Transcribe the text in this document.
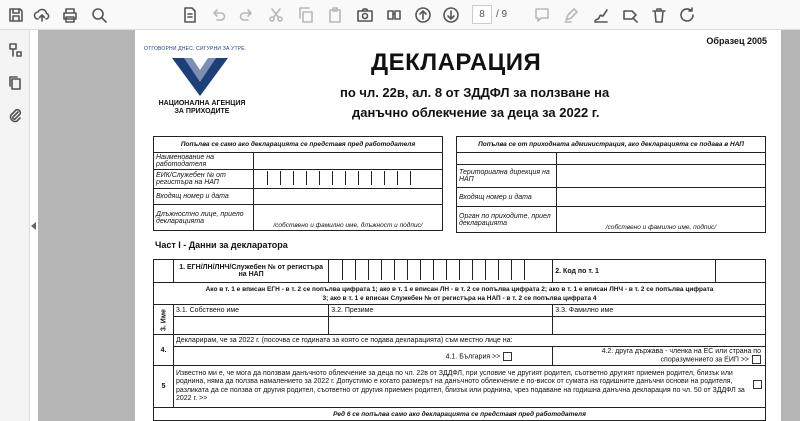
8	/ 9
Образец 2005
ОТГОВОРНИ ДНЕС. СИГУРНИ ЗА УТРЕ.
НАЦИОНАЛНА АГЕНЦИЯ
ЗА ПРИХОДИТЕ
ДЕКЛАРАЦИЯ
по чл. 22в, ал. 8 от ЗДДФЛ за ползване на
данъчно облекчение за деца за 2022 г.
Попълва се само ако декларацията се представя пред работодателя	
Наименование на работодателя	
ЕИК/Служебен № от регистъра на НАП	
Входящ номер и дата	
Длъжностно лице, приело декларацията	/собствено и фамилно име, длъжност и подпис/
Попълва се от приходната администрация, ако декларацията се подава в НАП	

Териториална дирекция на НАП	
Входящ номер и дата	
Орган по приходите, приел декларацията	/собствено и фамилно име, подпис/
Част I - Данни за декларатора
	1. ЕГН/ЛН/ЛНЧ/Служебен № от регистъра на НАП		2. Код по т. 1	

Ако в т. 1 е вписан ЕГН - в т. 2 се попълва цифрата 1; ако в т. 1 е вписан ЛН - в т. 2 се попълва цифрата 2; ако в т. 1 е вписан ЛНЧ - в т. 2 се попълва цифрата
3; ако в т. 1 е вписан Служебен № от регистъра на НАП - в т. 2 се попълва цифрата 4				

3. Име	3.1. Собствено име	3.2. Презиме	3.3. Фамилно име	

4.	Декларирам, че за 2022 г. (посочва се годината за която се подава декларацията) съм местно лице на:			
	4.1. България >>		4.2. друга държава - членка на ЕС или страна по споразумението за ЕИП >>	
5	Известно ми е, че мога да ползвам данъчното облекчение за деца по чл. 22в от ЗДДФЛ, при условие че другият родител, съответно другият приемен родител, близък или роднина, няма да ползва намалението за 2022 г. Допустимо е когато размерът на данъчното облекчение е по-висок от сумата на годишните данъчни основи на родителя, разликата да се ползва от другия родител, съответно от другия приемен родител, близък или роднина, чрез подаване на годишна данъчна декларация по чл. 50 от ЗДДФЛ за 2022 г. >>			

Ред 6 се попълва само ако декларацията се представя пред работодателя				
